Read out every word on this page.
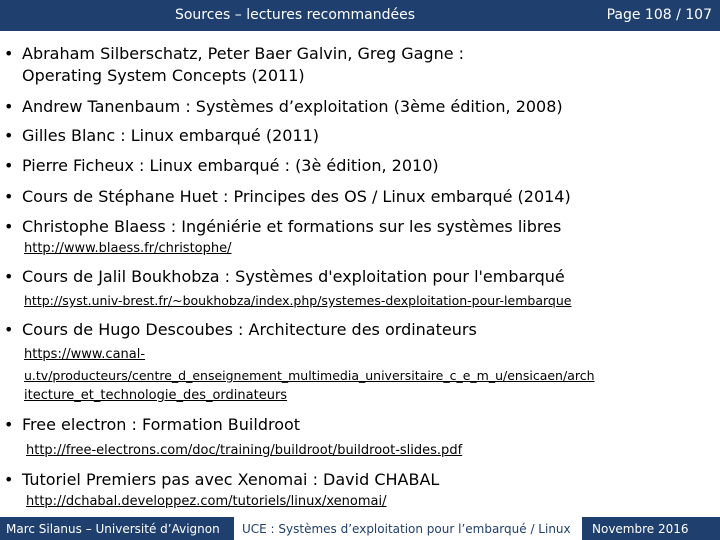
Sources – lectures recommandées	Page 108 / 107
• Abraham Silberschatz, Peter Baer Galvin, Greg Gagne :
Operating System Concepts (2011)
• Andrew Tanenbaum : Systèmes d’exploitation (3ème édition, 2008)
• Gilles Blanc : Linux embarqué (2011)
• Pierre Ficheux : Linux embarqué : (3è édition, 2010)
• Cours de Stéphane Huet : Principes des OS / Linux embarqué (2014)
• Christophe Blaess : Ingéniérie et formations sur les systèmes libres
http://www.blaess.fr/christophe/
• Cours de Jalil Boukhobza : Systèmes d'exploitation pour l'embarqué
http://syst.univ-brest.fr/~boukhobza/index.php/systemes-dexploitation-pour-lembarque
• Cours de Hugo Descoubes : Architecture des ordinateurs
https://www.canal-
u.tv/producteurs/centre_d_enseignement_multimedia_universitaire_c_e_m_u/ensicaen/arch
itecture_et_technologie_des_ordinateurs
• Free electron : Formation Buildroot
http://free-electrons.com/doc/training/buildroot/buildroot-slides.pdf
• Tutoriel Premiers pas avec Xenomai : David CHABAL
http://dchabal.developpez.com/tutoriels/linux/xenomai/
Marc Silanus – Université d’Avignon UCE : Systèmes d’exploitation pour l’embarqué / Linux Novembre 2016
